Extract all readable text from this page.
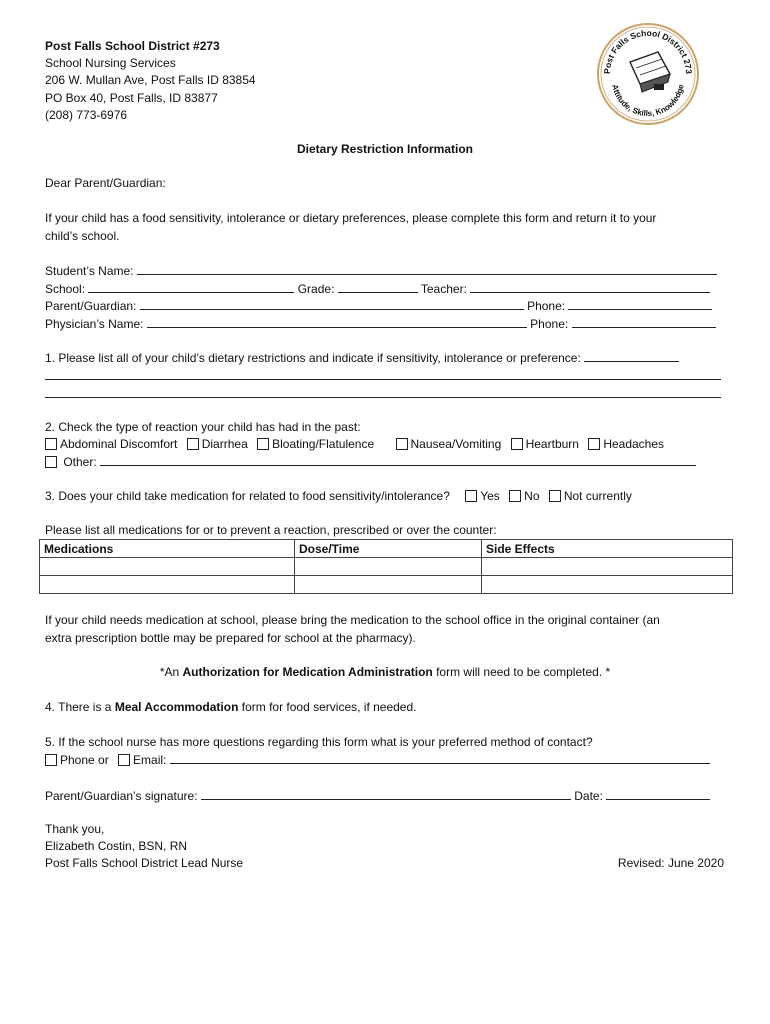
Post Falls School District #273
School Nursing Services
206 W. Mullan Ave, Post Falls ID 83854
PO Box 40, Post Falls, ID 83877
(208) 773-6976
Post Falls School District 273
Attitude, Skills, Knowledge
Dietary Restriction Information
Dear Parent/Guardian:
If your child has a food sensitivity, intolerance or dietary preferences, please complete this form and return it to your
child’s school.
Student’s Name:
School:	Grade:	Teacher:
Parent/Guardian:	Phone:
Physician’s Name:	Phone:
1. Please list all of your child’s dietary restrictions and indicate if sensitivity, intolerance or preference:
2. Check the type of reaction your child has had in the past:
Abdominal Discomfort Diarrhea Bloating/Flatulence	Nausea/Vomiting Heartburn Headaches
Other:
3. Does your child take medication for related to food sensitivity/intolerance?	Yes No Not currently
Please list all medications for or to prevent a reaction, prescribed or over the counter:
Medications	Dose/Time	Side Effects

If your child needs medication at school, please bring the medication to the school office in the original container (an
extra prescription bottle may be prepared for school at the pharmacy).
*An Authorization for Medication Administration form will need to be completed. *
4. There is a Meal Accommodation form for food services, if needed.
5. If the school nurse has more questions regarding this form what is your preferred method of contact?
Phone or Email:
Parent/Guardian’s signature:	Date:
Thank you,
Elizabeth Costin, BSN, RN
Post Falls School District Lead Nurse	Revised: June 2020
